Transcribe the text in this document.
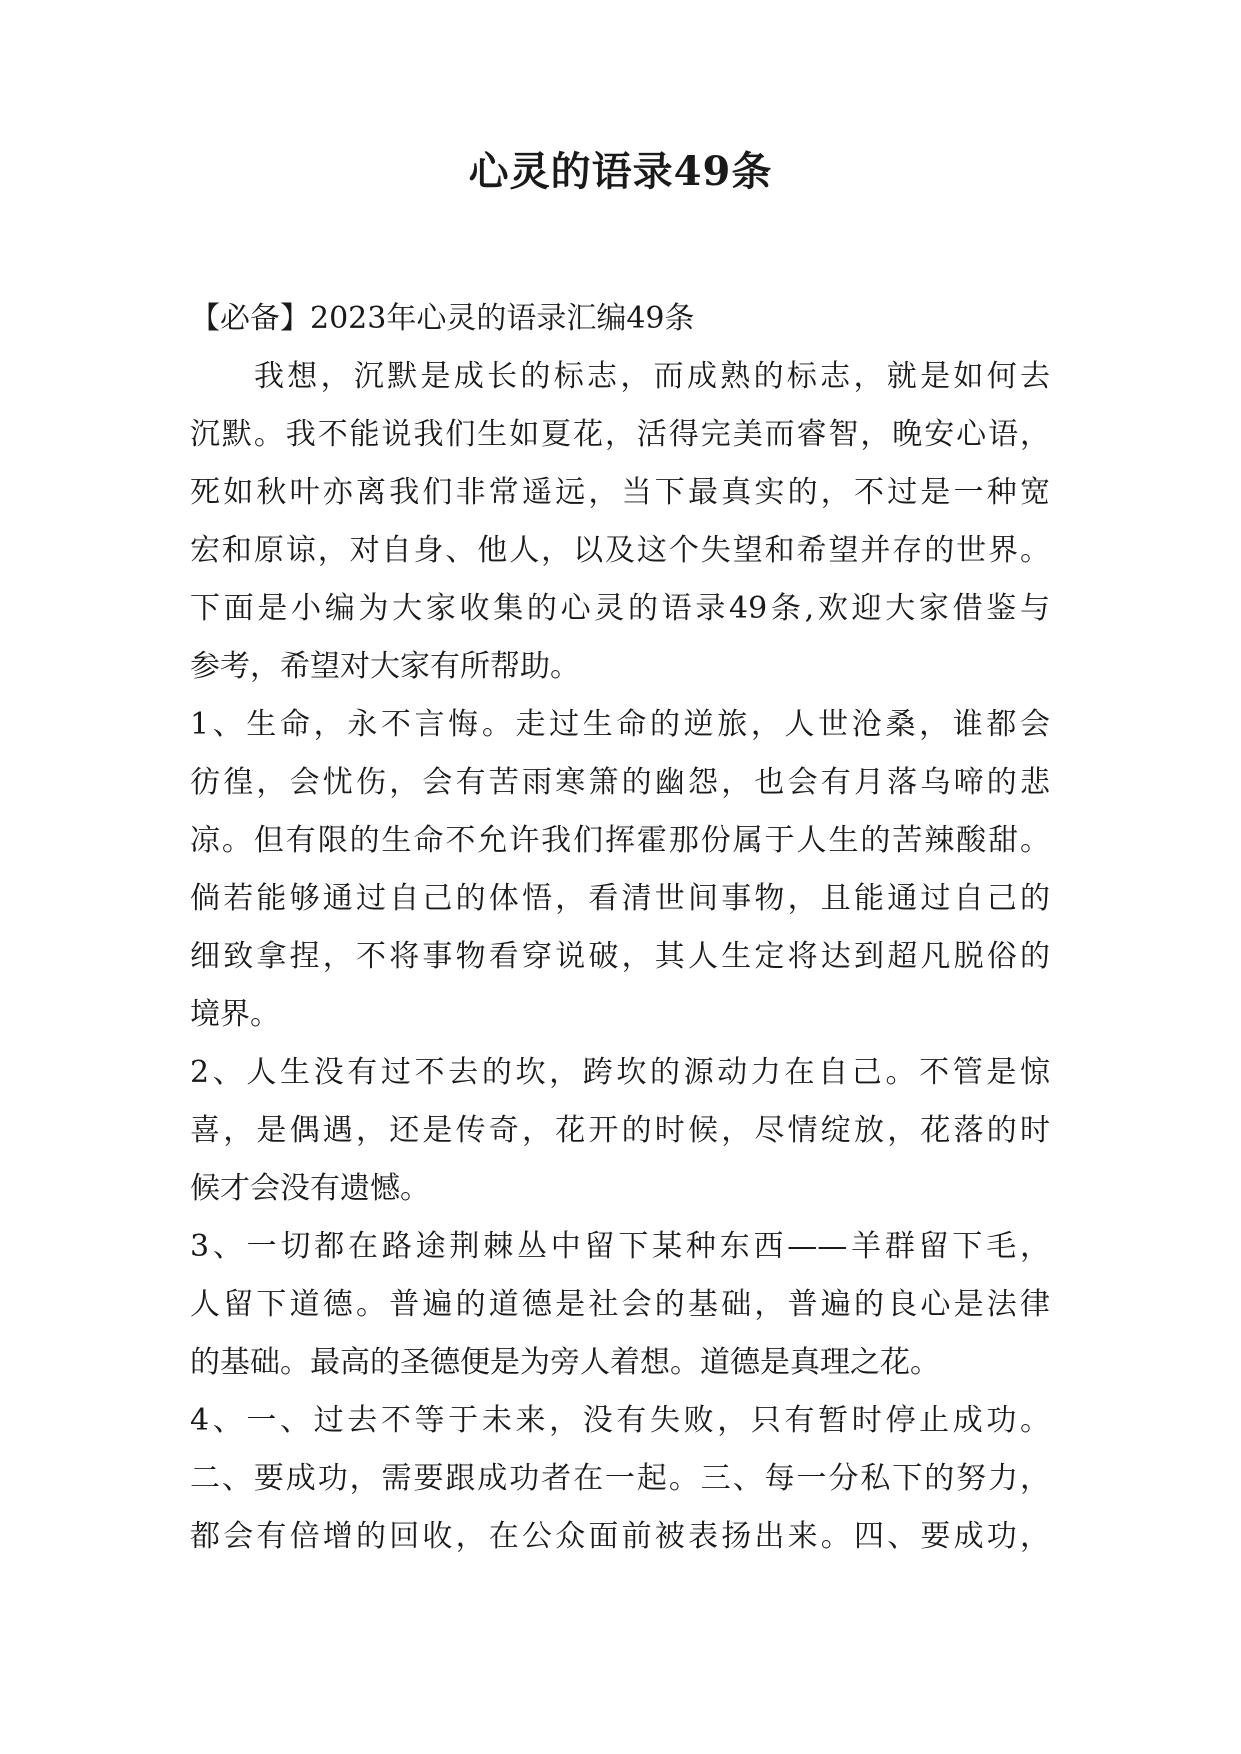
心灵的语录49条
【必备】2023年心灵的语录汇编49条
我想，沉默是成长的标志，而成熟的标志，就是如何去
沉默。我不能说我们生如夏花，活得完美而睿智，晚安心语，
死如秋叶亦离我们非常遥远，当下最真实的，不过是一种宽
宏和原谅，对自身、他人，以及这个失望和希望并存的世界。
下面是小编为大家收集的心灵的语录49条,欢迎大家借鉴与
参考，希望对大家有所帮助。
1、生命，永不言悔。走过生命的逆旅，人世沧桑，谁都会
彷徨，会忧伤，会有苦雨寒箫的幽怨，也会有月落乌啼的悲
凉。但有限的生命不允许我们挥霍那份属于人生的苦辣酸甜。
倘若能够通过自己的体悟，看清世间事物，且能通过自己的
细致拿捏，不将事物看穿说破，其人生定将达到超凡脱俗的
境界。
2、人生没有过不去的坎，跨坎的源动力在自己。不管是惊
喜，是偶遇，还是传奇，花开的时候，尽情绽放，花落的时
候才会没有遗憾。
3、一切都在路途荆棘丛中留下某种东西——羊群留下毛，
人留下道德。普遍的道德是社会的基础，普遍的良心是法律
的基础。最高的圣德便是为旁人着想。道德是真理之花。
4、一、过去不等于未来，没有失败，只有暂时停止成功。
二、要成功，需要跟成功者在一起。三、每一分私下的努力，
都会有倍增的回收，在公众面前被表扬出来。四、要成功，
